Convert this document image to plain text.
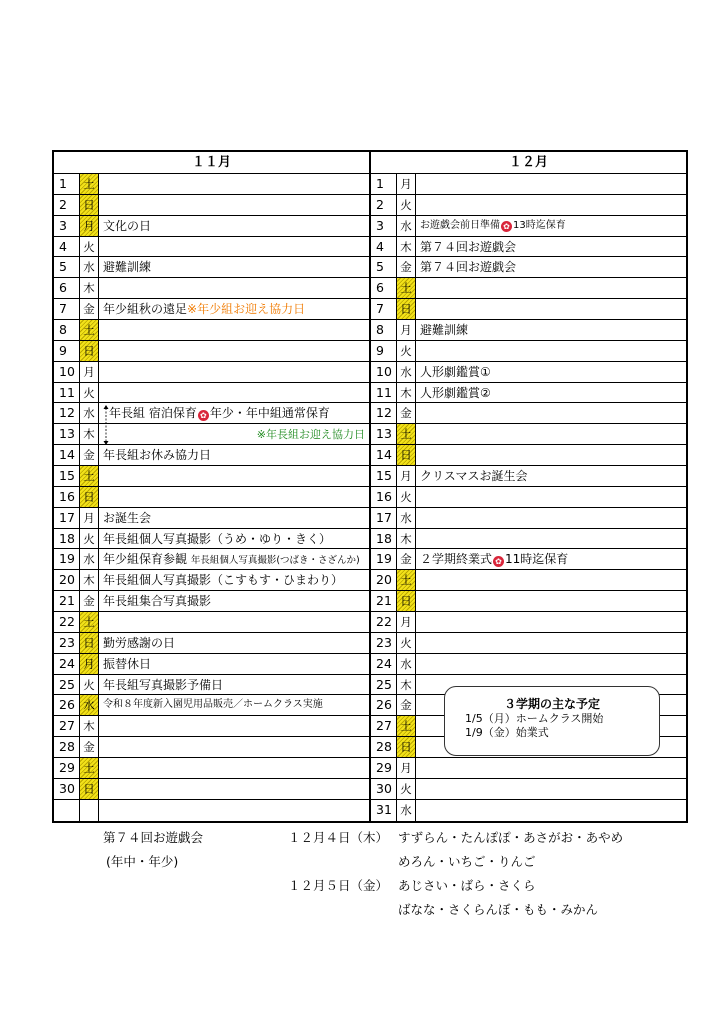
１１月	１２月
1	土
2	日
3	月 文化の日
4	火
5	水 避難訓練
6	木
7	金 年少組秋の遠足※年少組お迎え協力日
8	土
9	日
10 月
11 火
12 水	年長組 宿泊保育 ✿ 年少・年中組通常保育
13 木	※年長組お迎え協力日
14 金 年長組お休み協力日
15 土
16 日
17 月 お誕生会
18 火 年長組個人写真撮影（うめ・ゆり・きく）
19 水 年少組保育参観 年長組個人写真撮影(つばき・さざんか)
20 木 年長組個人写真撮影（こすもす・ひまわり）
21 金 年長組集合写真撮影
22 土
23 日 勤労感謝の日
24 月 振替休日
25 火 年長組写真撮影予備日
26 水 令和８年度新入園児用品販売／ホームクラス実施
27 木
28 金
29 土
30 日
1	月
2	火
3	水 お遊戯会前日準備 ✿ 13時迄保育
4	木 第７４回お遊戯会
5	金 第７４回お遊戯会
6	土
7	日
8	月 避難訓練
9	火
10 水 人形劇鑑賞①
11 木 人形劇鑑賞②
12 金
13 土
14 日
15 月 クリスマスお誕生会
16 火
17 水
18 木
19 金 ２学期終業式 ✿ 11時迄保育
20 土
21 日
22 月
23 火
24 水
25 木
26 金
27 土
28 日
29 月
30 火
31 水
３学期の主な予定
1/5（月）ホームクラス開始
1/9（金）始業式
第７４回お遊戯会
(年中・年少)
１２月４日（木） すずらん・たんぽぽ・あさがお・あやめ
めろん・いちご・りんご
１２月５日（金） あじさい・ばら・さくら
ばなな・さくらんぼ・もも・みかん
